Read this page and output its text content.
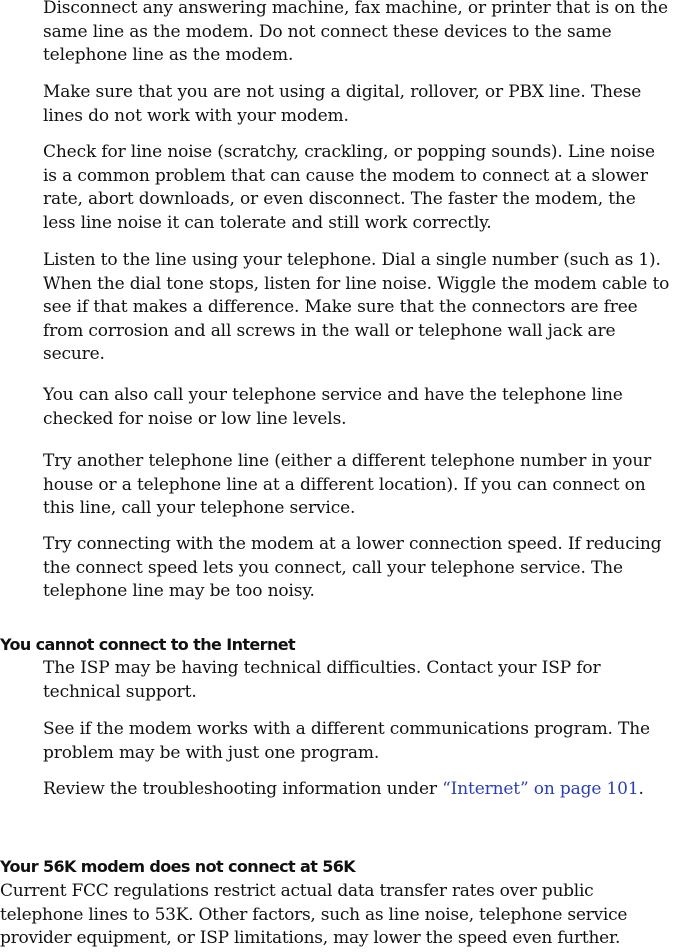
Disconnect any answering machine, fax machine, or printer that is on the same line as the modem. Do not connect these devices to the same telephone line as the modem.

Make sure that you are not using a digital, rollover, or PBX line. These lines do not work with your modem.

Check for line noise (scratchy, crackling, or popping sounds). Line noise is a common problem that can cause the modem to connect at a slower rate, abort downloads, or even disconnect. The faster the modem, the less line noise it can tolerate and still work correctly.

Listen to the line using your telephone. Dial a single number (such as 1). When the dial tone stops, listen for line noise. Wiggle the modem cable to see if that makes a difference. Make sure that the connectors are free from corrosion and all screws in the wall or telephone wall jack are secure.

You can also call your telephone service and have the telephone line checked for noise or low line levels.

Try another telephone line (either a different telephone number in your house or a telephone line at a different location). If you can connect on this line, call your telephone service.

Try connecting with the modem at a lower connection speed. If reducing the connect speed lets you connect, call your telephone service. The telephone line may be too noisy.

You cannot connect to the Internet

The ISP may be having technical difficulties. Contact your ISP for technical support.

See if the modem works with a different communications program. The problem may be with just one program.

Review the troubleshooting information under “Internet” on page 101.

Your 56K modem does not connect at 56K

Current FCC regulations restrict actual data transfer rates over public telephone lines to 53K. Other factors, such as line noise, telephone service provider equipment, or ISP limitations, may lower the speed even further.
